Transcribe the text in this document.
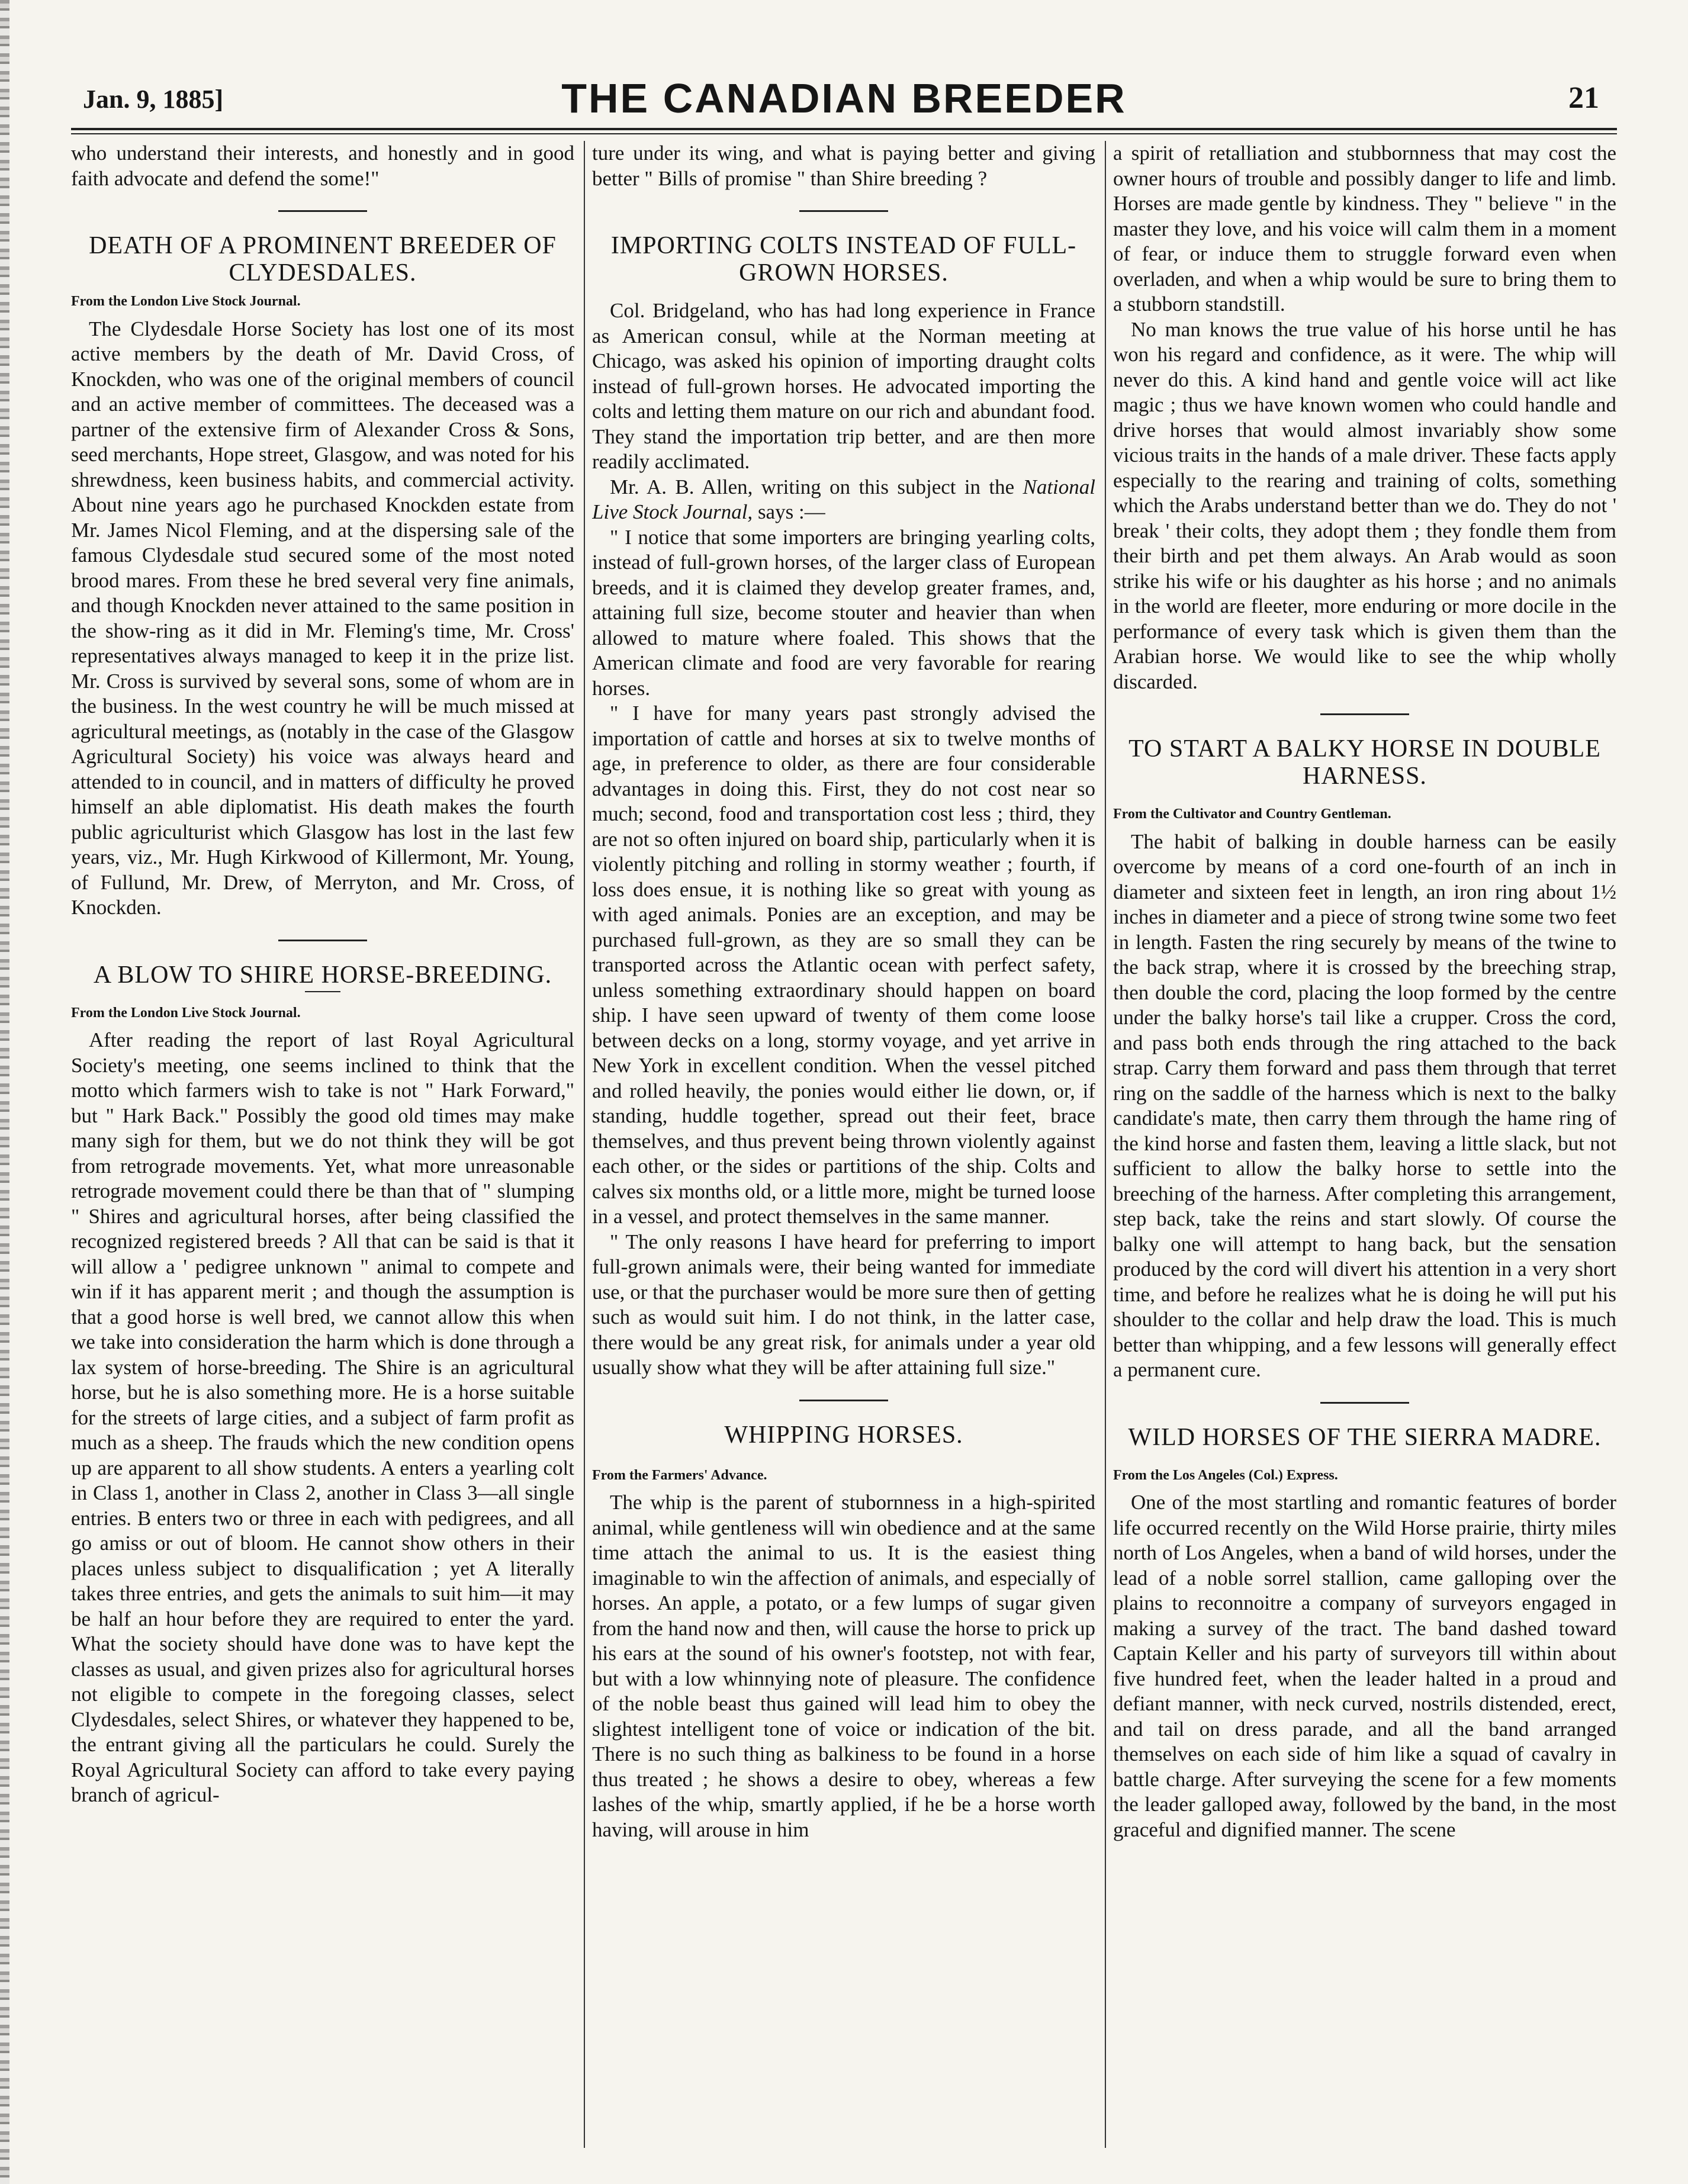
Jan. 9, 1885]	THE CANADIAN BREEDER	21

who understand their interests, and honestly and in good faith advocate and defend the some!"

DEATH OF A PROMINENT BREEDER OF CLYDESDALES.
From the London Live Stock Journal.

The Clydesdale Horse Society has lost one of its most active members by the death of Mr. David Cross, of Knockden, who was one of the original members of council and an active member of committees. The deceased was a partner of the extensive firm of Alexander Cross & Sons, seed merchants, Hope street, Glasgow, and was noted for his shrewdness, keen business habits, and commercial activity. About nine years ago he purchased Knockden estate from Mr. James Nicol Fleming, and at the dispersing sale of the famous Clydesdale stud secured some of the most noted brood mares. From these he bred several very fine animals, and though Knockden never attained to the same position in the show-ring as it did in Mr. Fleming's time, Mr. Cross' representatives always managed to keep it in the prize list. Mr. Cross is survived by several sons, some of whom are in the business. In the west country he will be much missed at agricultural meetings, as (notably in the case of the Glasgow Agricultural Society) his voice was always heard and attended to in council, and in matters of difficulty he proved himself an able diplomatist. His death makes the fourth public agriculturist which Glasgow has lost in the last few years, viz., Mr. Hugh Kirkwood of Killermont, Mr. Young, of Fullund, Mr. Drew, of Merryton, and Mr. Cross, of Knockden.

A BLOW TO SHIRE HORSE-BREEDING.
From the London Live Stock Journal.

After reading the report of last Royal Agricultural Society's meeting, one seems inclined to think that the motto which farmers wish to take is not " Hark Forward," but " Hark Back." Possibly the good old times may make many sigh for them, but we do not think they will be got from retrograde movements. Yet, what more unreasonable retrograde movement could there be than that of " slumping " Shires and agricultural horses, after being classified the recognized registered breeds ? All that can be said is that it will allow a ' pedigree unknown " animal to compete and win if it has apparent merit ; and though the assumption is that a good horse is well bred, we cannot allow this when we take into consideration the harm which is done through a lax system of horse-breeding. The Shire is an agricultural horse, but he is also something more. He is a horse suitable for the streets of large cities, and a subject of farm profit as much as a sheep. The frauds which the new condition opens up are apparent to all show students. A enters a yearling colt in Class 1, another in Class 2, another in Class 3—all single entries. B enters two or three in each with pedigrees, and all go amiss or out of bloom. He cannot show others in their places unless subject to disqualification ; yet A literally takes three entries, and gets the animals to suit him—it may be half an hour before they are required to enter the yard. What the society should have done was to have kept the classes as usual, and given prizes also for agricultural horses not eligible to compete in the foregoing classes, select Clydesdales, select Shires, or whatever they happened to be, the entrant giving all the particulars he could. Surely the Royal Agricultural Society can afford to take every paying branch of agricul-

ture under its wing, and what is paying better and giving better " Bills of promise " than Shire breeding ?

IMPORTING COLTS INSTEAD OF FULL-GROWN HORSES.

Col. Bridgeland, who has had long experience in France as American consul, while at the Norman meeting at Chicago, was asked his opinion of importing draught colts instead of full-grown horses. He advocated importing the colts and letting them mature on our rich and abundant food. They stand the importation trip better, and are then more readily acclimated.

Mr. A. B. Allen, writing on this subject in the National Live Stock Journal, says :—

" I notice that some importers are bringing yearling colts, instead of full-grown horses, of the larger class of European breeds, and it is claimed they develop greater frames, and, attaining full size, become stouter and heavier than when allowed to mature where foaled. This shows that the American climate and food are very favorable for rearing horses.

" I have for many years past strongly advised the importation of cattle and horses at six to twelve months of age, in preference to older, as there are four considerable advantages in doing this. First, they do not cost near so much; second, food and transportation cost less ; third, they are not so often injured on board ship, particularly when it is violently pitching and rolling in stormy weather ; fourth, if loss does ensue, it is nothing like so great with young as with aged animals. Ponies are an exception, and may be purchased full-grown, as they are so small they can be transported across the Atlantic ocean with perfect safety, unless something extraordinary should happen on board ship. I have seen upward of twenty of them come loose between decks on a long, stormy voyage, and yet arrive in New York in excellent condition. When the vessel pitched and rolled heavily, the ponies would either lie down, or, if standing, huddle together, spread out their feet, brace themselves, and thus prevent being thrown violently against each other, or the sides or partitions of the ship. Colts and calves six months old, or a little more, might be turned loose in a vessel, and protect themselves in the same manner.

" The only reasons I have heard for preferring to import full-grown animals were, their being wanted for immediate use, or that the purchaser would be more sure then of getting such as would suit him. I do not think, in the latter case, there would be any great risk, for animals under a year old usually show what they will be after attaining full size."

WHIPPING HORSES.
From the Farmers' Advance.

The whip is the parent of stubornness in a high-spirited animal, while gentleness will win obedience and at the same time attach the animal to us. It is the easiest thing imaginable to win the affection of animals, and especially of horses. An apple, a potato, or a few lumps of sugar given from the hand now and then, will cause the horse to prick up his ears at the sound of his owner's footstep, not with fear, but with a low whinnying note of pleasure. The confidence of the noble beast thus gained will lead him to obey the slightest intelligent tone of voice or indication of the bit. There is no such thing as balkiness to be found in a horse thus treated ; he shows a desire to obey, whereas a few lashes of the whip, smartly applied, if he be a horse worth having, will arouse in him

a spirit of retalliation and stubbornness that may cost the owner hours of trouble and possibly danger to life and limb. Horses are made gentle by kindness. They " believe " in the master they love, and his voice will calm them in a moment of fear, or induce them to struggle forward even when overladen, and when a whip would be sure to bring them to a stubborn standstill.

No man knows the true value of his horse until he has won his regard and confidence, as it were. The whip will never do this. A kind hand and gentle voice will act like magic ; thus we have known women who could handle and drive horses that would almost invariably show some vicious traits in the hands of a male driver. These facts apply especially to the rearing and training of colts, something which the Arabs understand better than we do. They do not ' break ' their colts, they adopt them ; they fondle them from their birth and pet them always. An Arab would as soon strike his wife or his daughter as his horse ; and no animals in the world are fleeter, more enduring or more docile in the performance of every task which is given them than the Arabian horse. We would like to see the whip wholly discarded.

TO START A BALKY HORSE IN DOUBLE HARNESS.
From the Cultivator and Country Gentleman.

The habit of balking in double harness can be easily overcome by means of a cord one-fourth of an inch in diameter and sixteen feet in length, an iron ring about 1½ inches in diameter and a piece of strong twine some two feet in length. Fasten the ring securely by means of the twine to the back strap, where it is crossed by the breeching strap, then double the cord, placing the loop formed by the centre under the balky horse's tail like a crupper. Cross the cord, and pass both ends through the ring attached to the back strap. Carry them forward and pass them through that terret ring on the saddle of the harness which is next to the balky candidate's mate, then carry them through the hame ring of the kind horse and fasten them, leaving a little slack, but not sufficient to allow the balky horse to settle into the breeching of the harness. After completing this arrangement, step back, take the reins and start slowly. Of course the balky one will attempt to hang back, but the sensation produced by the cord will divert his attention in a very short time, and before he realizes what he is doing he will put his shoulder to the collar and help draw the load. This is much better than whipping, and a few lessons will generally effect a permanent cure.

WILD HORSES OF THE SIERRA MADRE.
From the Los Angeles (Col.) Express.

One of the most startling and romantic features of border life occurred recently on the Wild Horse prairie, thirty miles north of Los Angeles, when a band of wild horses, under the lead of a noble sorrel stallion, came galloping over the plains to reconnoitre a company of surveyors engaged in making a survey of the tract. The band dashed toward Captain Keller and his party of surveyors till within about five hundred feet, when the leader halted in a proud and defiant manner, with neck curved, nostrils distended, erect, and tail on dress parade, and all the band arranged themselves on each side of him like a squad of cavalry in battle charge. After surveying the scene for a few moments the leader galloped away, followed by the band, in the most graceful and dignified manner. The scene
